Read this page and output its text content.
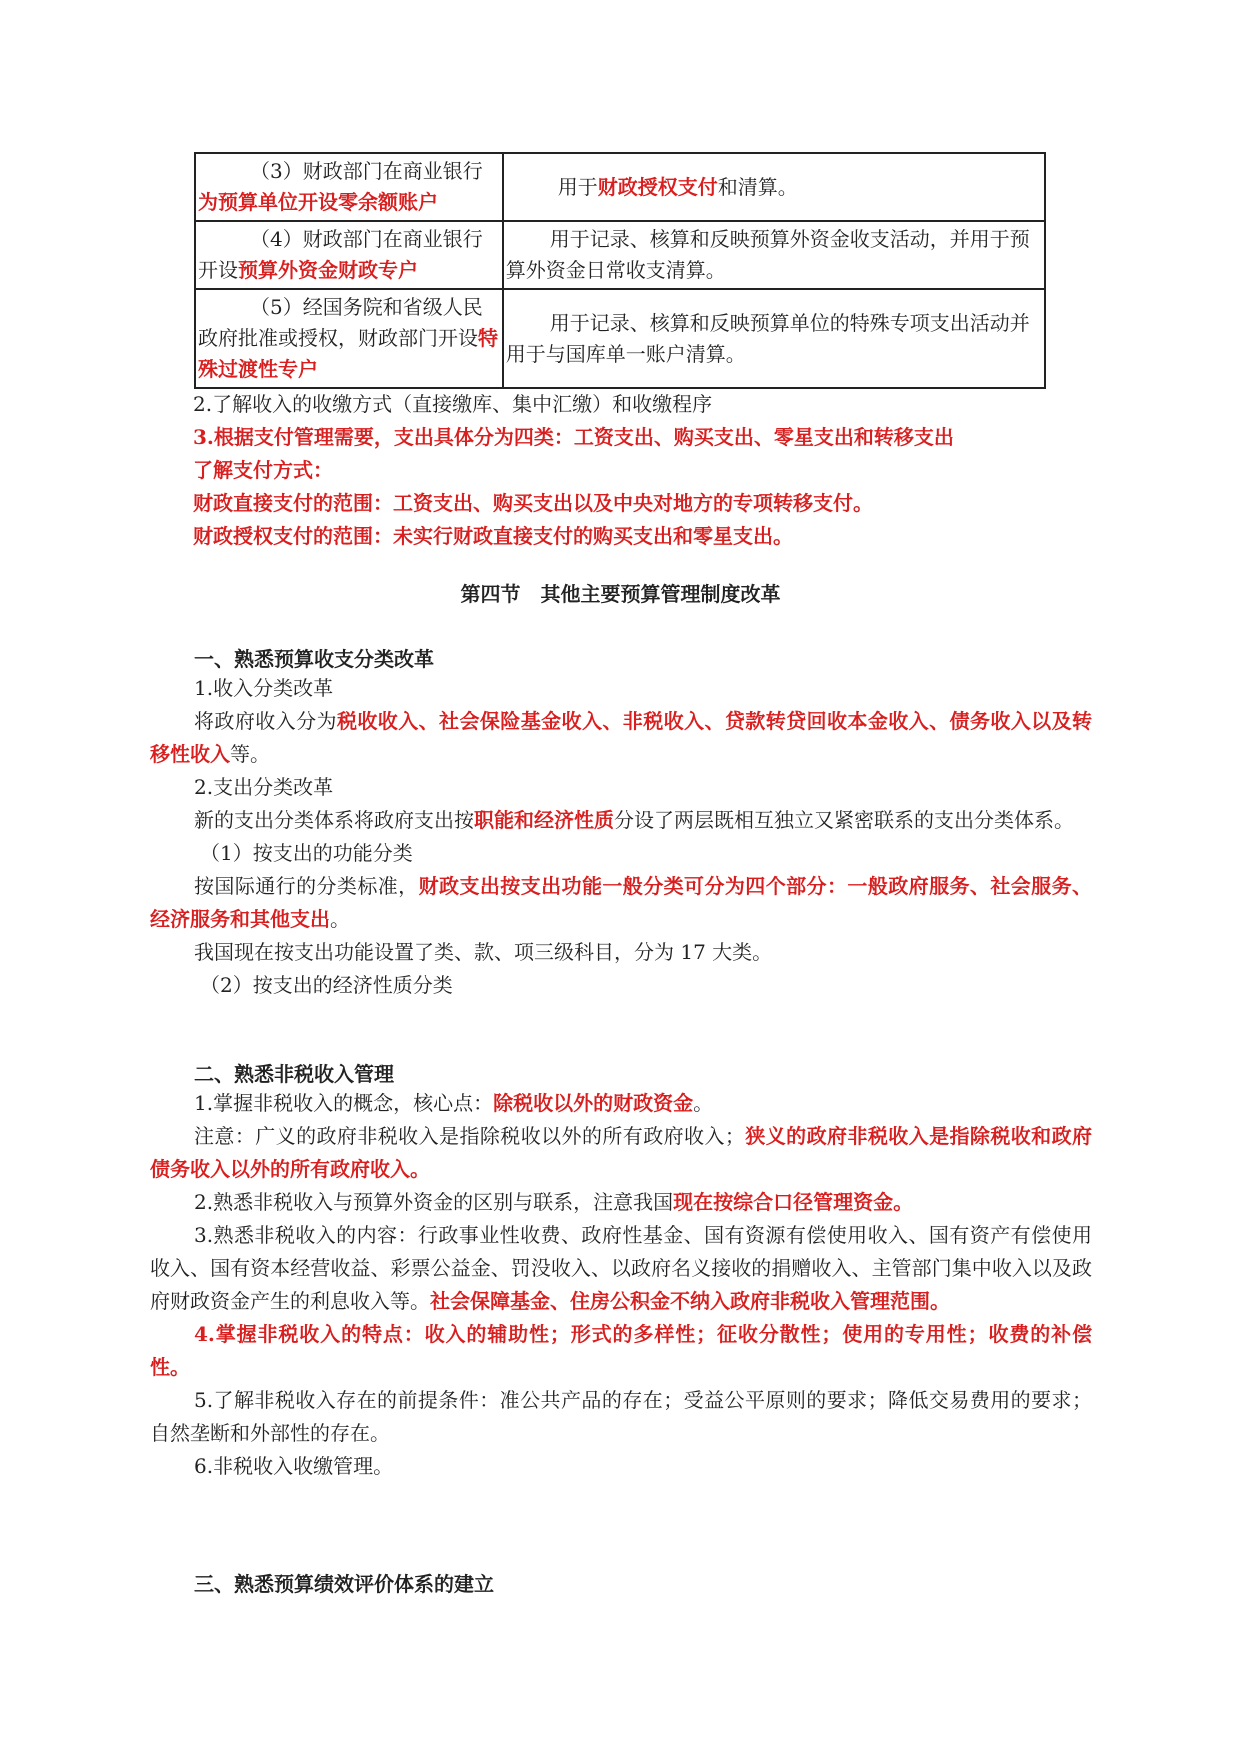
（3）财政部门在商业银行
为预算单位开设零余额账户	用于财政授权支付和清算。
（4）财政部门在商业银行
开设预算外资金财政专户	用于记录、核算和反映预算外资金收支活动，并用于预算外资金日常收支清算。
（5）经国务院和省级人民政府批准或授权，财政部门开设特殊过渡性专户	用于记录、核算和反映预算单位的特殊专项支出活动并用于与国库单一账户清算。

2.了解收入的收缴方式（直接缴库、集中汇缴）和收缴程序

3.根据支付管理需要，支出具体分为四类：工资支出、购买支出、零星支出和转移支出

了解支付方式：

财政直接支付的范围：工资支出、购买支出以及中央对地方的专项转移支付。

财政授权支付的范围：未实行财政直接支付的购买支出和零星支出。

第四节　其他主要预算管理制度改革
一、熟悉预算收支分类改革

1.收入分类改革

将政府收入分为税收收入、社会保险基金收入、非税收入、贷款转贷回收本金收入、债务收入以及转移性收入等。

2.支出分类改革

新的支出分类体系将政府支出按职能和经济性质分设了两层既相互独立又紧密联系的支出分类体系。

（1）按支出的功能分类

按国际通行的分类标准，财政支出按支出功能一般分类可分为四个部分：一般政府服务、社会服务、经济服务和其他支出。

我国现在按支出功能设置了类、款、项三级科目，分为 17 大类。

（2）按支出的经济性质分类

二、熟悉非税收入管理

1.掌握非税收入的概念，核心点：除税收以外的财政资金。

注意：广义的政府非税收入是指除税收以外的所有政府收入；狭义的政府非税收入是指除税收和政府债务收入以外的所有政府收入。

2.熟悉非税收入与预算外资金的区别与联系，注意我国现在按综合口径管理资金。

3.熟悉非税收入的内容：行政事业性收费、政府性基金、国有资源有偿使用收入、国有资产有偿使用收入、国有资本经营收益、彩票公益金、罚没收入、以政府名义接收的捐赠收入、主管部门集中收入以及政府财政资金产生的利息收入等。社会保障基金、住房公积金不纳入政府非税收入管理范围。

4.掌握非税收入的特点：收入的辅助性；形式的多样性；征收分散性；使用的专用性；收费的补偿性。

5.了解非税收入存在的前提条件：准公共产品的存在；受益公平原则的要求；降低交易费用的要求；自然垄断和外部性的存在。

6.非税收入收缴管理。

三、熟悉预算绩效评价体系的建立
